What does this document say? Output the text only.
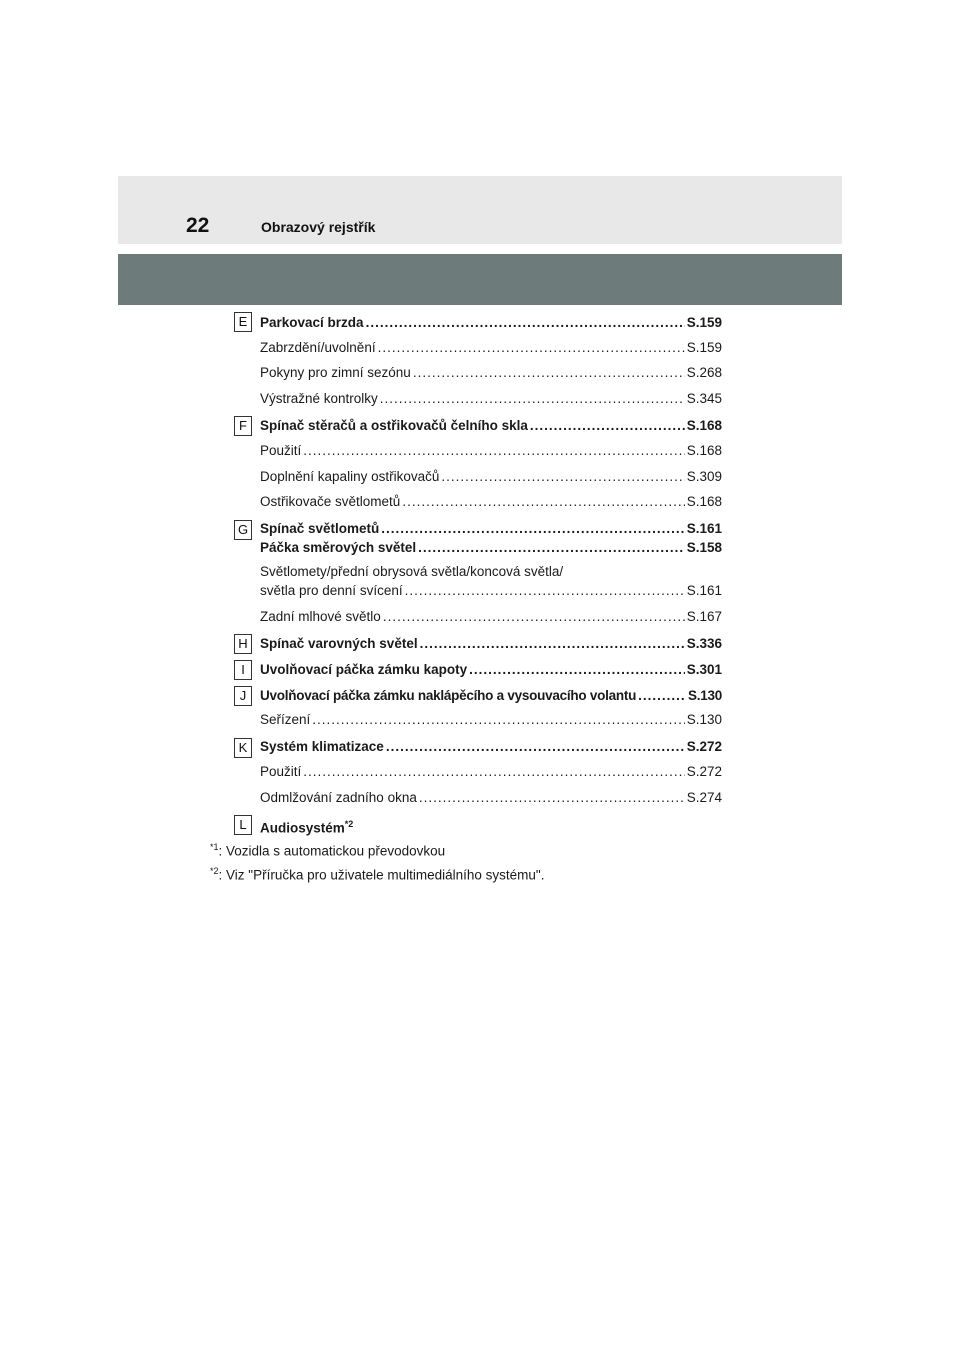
22	Obrazový rejstřík
E Parkovací brzda .....	S.159
Zabrzdění/uvolnění .....	S.159
Pokyny pro zimní sezónu .....	S.268
Výstražné kontrolky .....	S.345
F Spínač stěračů a ostřikovačů čelního skla .....	S.168
Použití .....	S.168
Doplnění kapaliny ostřikovačů .....	S.309
Ostřikovače světlometů .....	S.168
G Spínač světlometů .....	S.161
Páčka směrových světel .....	S.158
Světlomety/přední obrysová světla/koncová světla/
světla pro denní svícení .....	S.161
Zadní mlhové světlo .....	S.167
H Spínač varovných světel .....	S.336
I	Uvolňovací páčka zámku kapoty .....	S.301
J	Uvolňovací páčka zámku naklápěcího a vysouvacího volantu .....	S.130
Seřízení .....	S.130
K Systém klimatizace .....	S.272
Použití .....	S.272
Odmlžování zadního okna .....	S.274
L Audiosystém$^{*2}$
$^{*1}$: Vozidla s automatickou převodovkou
$^{*2}$: Viz "Příručka pro uživatele multimediálního systému".
